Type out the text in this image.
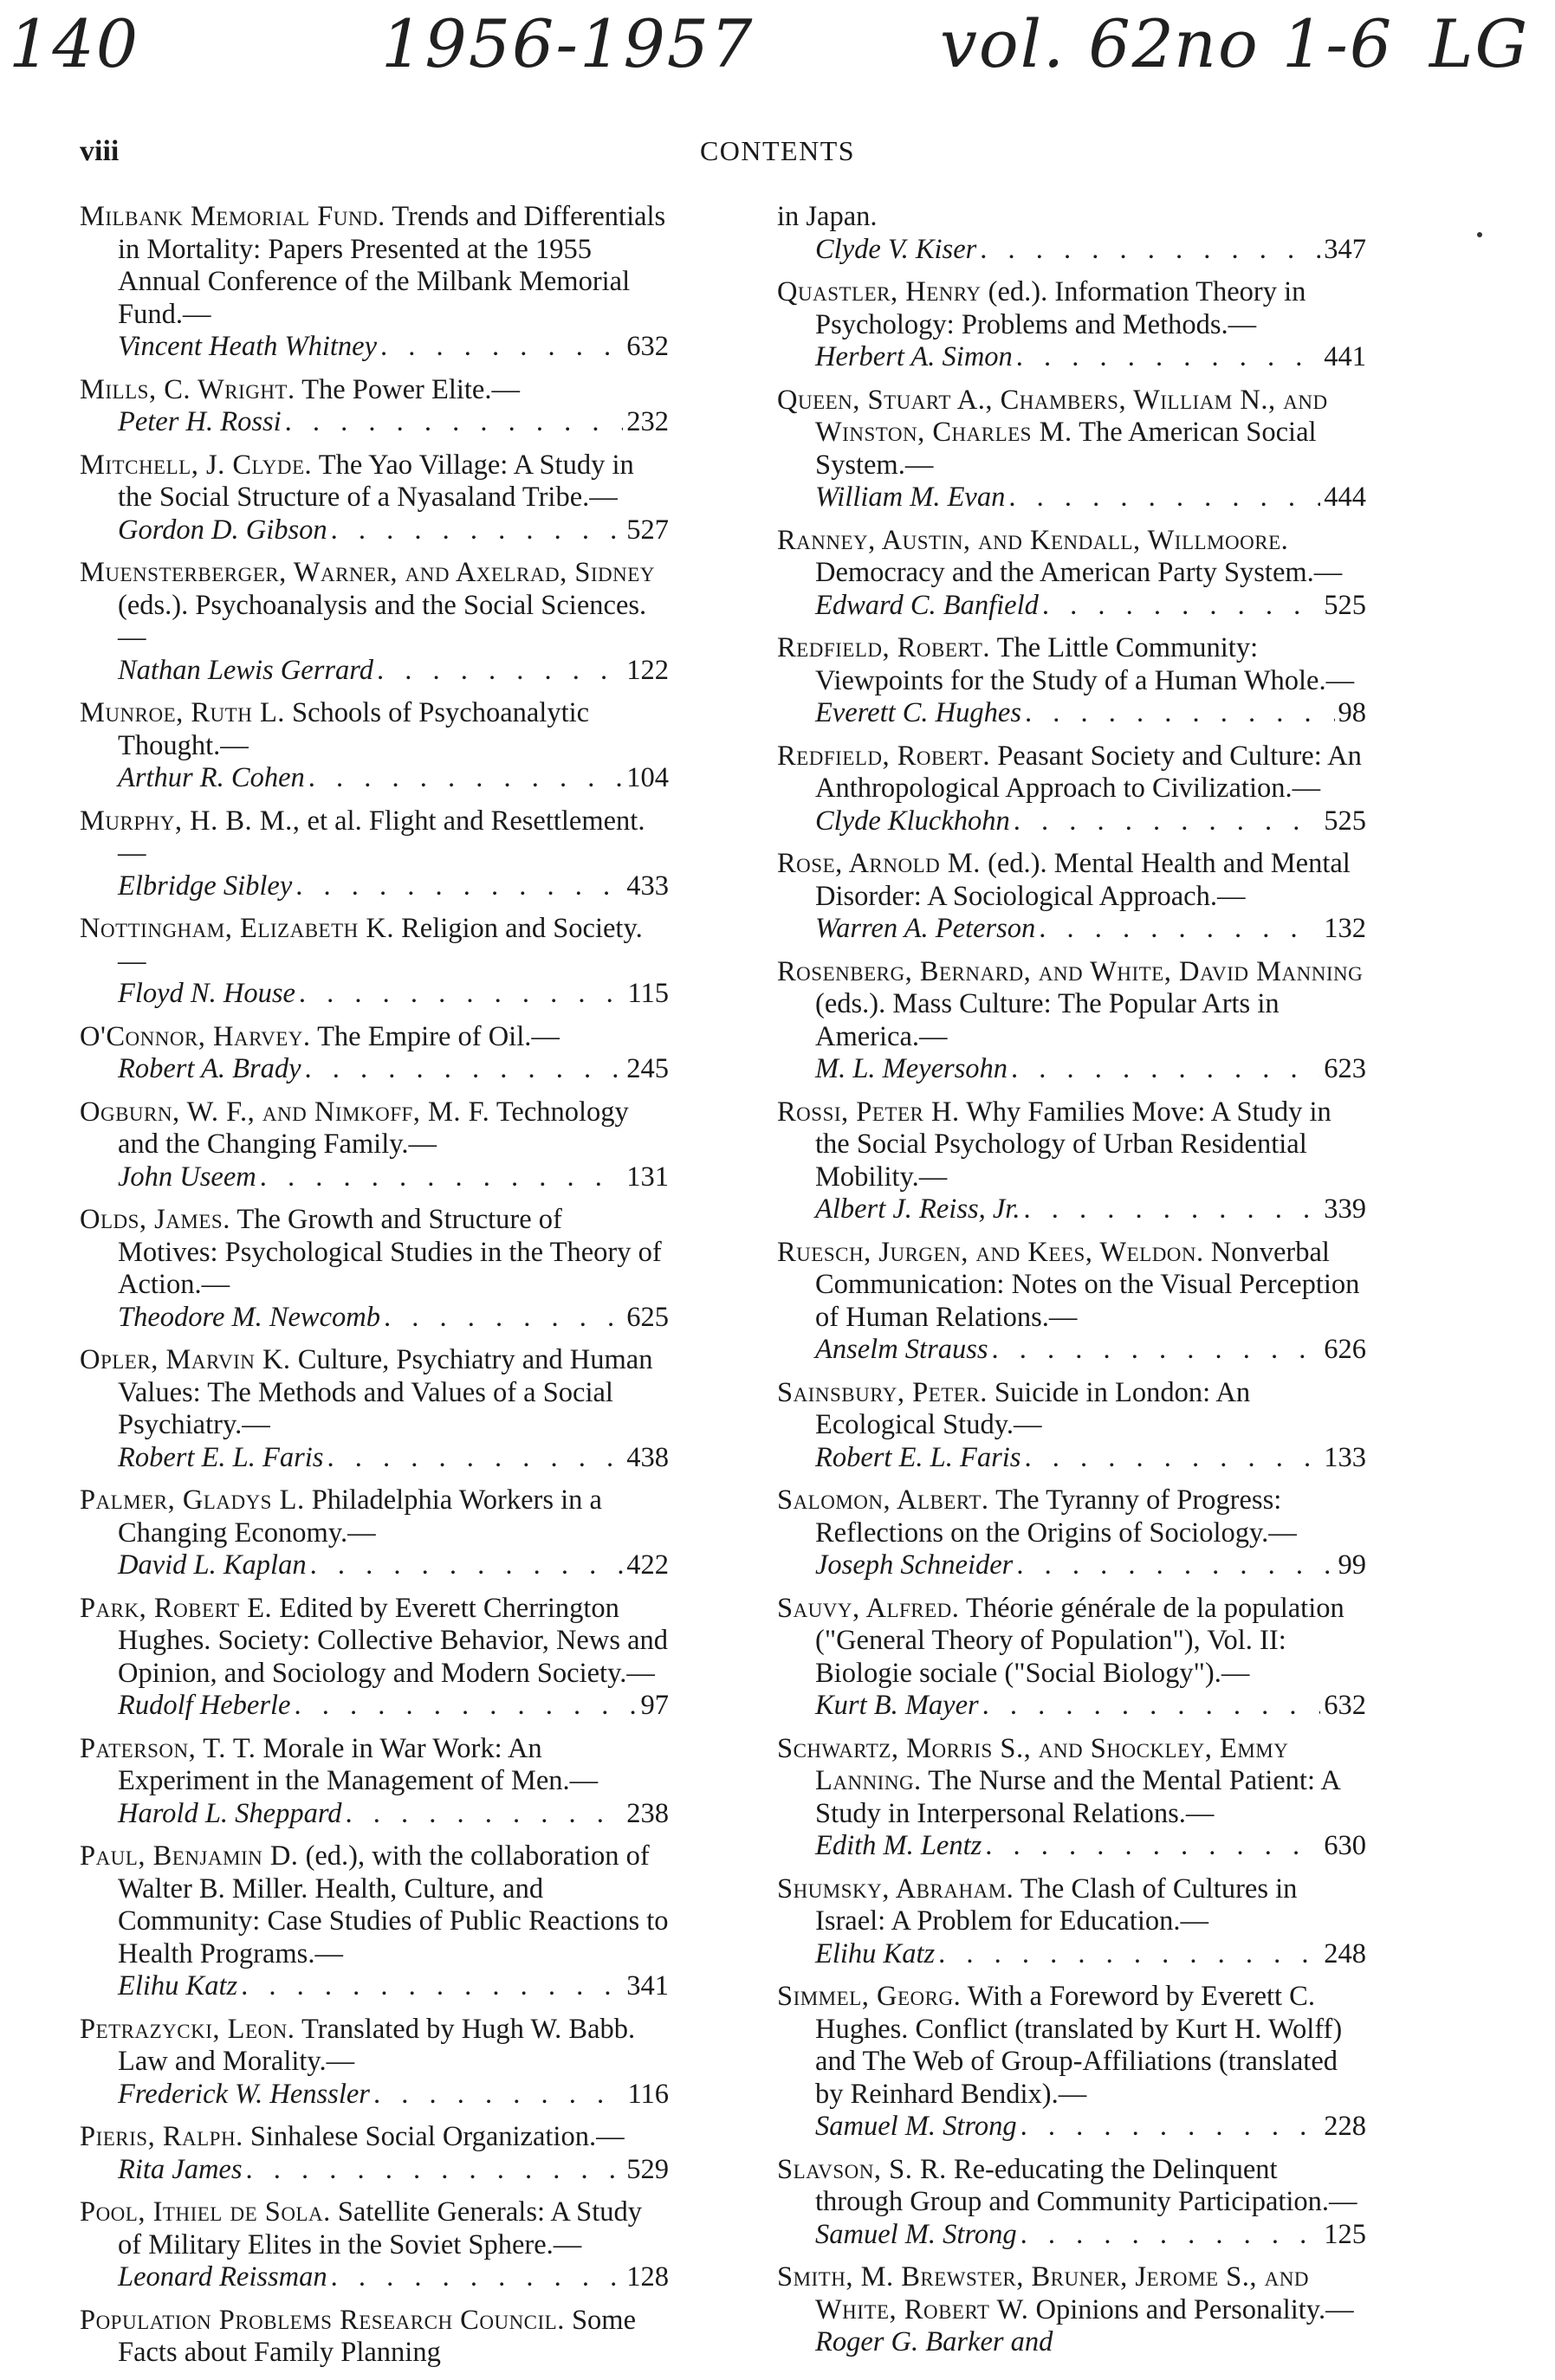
140	1956-1957	vol. 62
no 1-6 LG
viii	CONTENTS
Milbank Memorial Fund. Trends and Differentials in Mortality: Papers Presented at the 1955 Annual Conference of the Milbank Memorial Fund.—
Vincent Heath Whitney . . .	632
Mills, C. Wright. The Power Elite.—
Peter H. Rossi . . .	232
Mitchell, J. Clyde. The Yao Village: A Study in the Social Structure of a Nyasaland Tribe.—
Gordon D. Gibson . . .	527
Muensterberger, Warner, and Axelrad, Sidney (eds.). Psychoanalysis and the Social Sciences.—
Nathan Lewis Gerrard . . .	122
Munroe, Ruth L. Schools of Psychoanalytic Thought.—
Arthur R. Cohen . . .	104
Murphy, H. B. M., et al. Flight and Resettlement.—
Elbridge Sibley . . .	433
Nottingham, Elizabeth K. Religion and Society.—
Floyd N. House . . .	115
O'Connor, Harvey. The Empire of Oil.—
Robert A. Brady . . .	245
Ogburn, W. F., and Nimkoff, M. F. Technology and the Changing Family.—
John Useem . . .	131
Olds, James. The Growth and Structure of Motives: Psychological Studies in the Theory of Action.—
Theodore M. Newcomb . . .	625
Opler, Marvin K. Culture, Psychiatry and Human Values: The Methods and Values of a Social Psychiatry.—
Robert E. L. Faris . . .	438
Palmer, Gladys L. Philadelphia Workers in a Changing Economy.—
David L. Kaplan . . .	422
Park, Robert E. Edited by Everett Cherrington Hughes. Society: Collective Behavior, News and Opinion, and Sociology and Modern Society.—
Rudolf Heberle . . .	97
Paterson, T. T. Morale in War Work: An Experiment in the Management of Men.—
Harold L. Sheppard . . .	238
Paul, Benjamin D. (ed.), with the collaboration of Walter B. Miller. Health, Culture, and Community: Case Studies of Public Reactions to Health Programs.—
Elihu Katz . . .	341
Petrazycki, Leon. Translated by Hugh W. Babb. Law and Morality.—
Frederick W. Henssler . . .	116
Pieris, Ralph. Sinhalese Social Organization.—
Rita James . . .	529
Pool, Ithiel de Sola. Satellite Generals: A Study of Military Elites in the Soviet Sphere.—
Leonard Reissman . . .	128
Population Problems Research Council. Some Facts about Family Planning
in Japan.
Clyde V. Kiser . . .	347
Quastler, Henry (ed.). Information Theory in Psychology: Problems and Methods.—
Herbert A. Simon . . .	441
Queen, Stuart A., Chambers, William N., and Winston, Charles M. The American Social System.—
William M. Evan . . .	444
Ranney, Austin, and Kendall, Willmoore. Democracy and the American Party System.—
Edward C. Banfield . . .	525
Redfield, Robert. The Little Community: Viewpoints for the Study of a Human Whole.—
Everett C. Hughes . . .	98
Redfield, Robert. Peasant Society and Culture: An Anthropological Approach to Civilization.—
Clyde Kluckhohn . . .	525
Rose, Arnold M. (ed.). Mental Health and Mental Disorder: A Sociological Approach.—
Warren A. Peterson . . .	132
Rosenberg, Bernard, and White, David Manning (eds.). Mass Culture: The Popular Arts in America.—
M. L. Meyersohn . . .	623
Rossi, Peter H. Why Families Move: A Study in the Social Psychology of Urban Residential Mobility.—
Albert J. Reiss, Jr. . . .	339
Ruesch, Jurgen, and Kees, Weldon. Nonverbal Communication: Notes on the Visual Perception of Human Relations.—
Anselm Strauss . . .	626
Sainsbury, Peter. Suicide in London: An Ecological Study.—
Robert E. L. Faris . . .	133
Salomon, Albert. The Tyranny of Progress: Reflections on the Origins of Sociology.—
Joseph Schneider . . .	99
Sauvy, Alfred. Théorie générale de la population ("General Theory of Population"), Vol. II: Biologie sociale ("Social Biology").—
Kurt B. Mayer . . .	632
Schwartz, Morris S., and Shockley, Emmy Lanning. The Nurse and the Mental Patient: A Study in Interpersonal Relations.—
Edith M. Lentz . . .	630
Shumsky, Abraham. The Clash of Cultures in Israel: A Problem for Education.—
Elihu Katz . . .	248
Simmel, Georg. With a Foreword by Everett C. Hughes. Conflict (translated by Kurt H. Wolff) and The Web of Group-Affiliations (translated by Reinhard Bendix).—
Samuel M. Strong . . .	228
Slavson, S. R. Re-educating the Delinquent through Group and Community Participation.—
Samuel M. Strong . . .	125
Smith, M. Brewster, Bruner, Jerome S., and White, Robert W. Opinions and Personality.—
Roger G. Barker and
